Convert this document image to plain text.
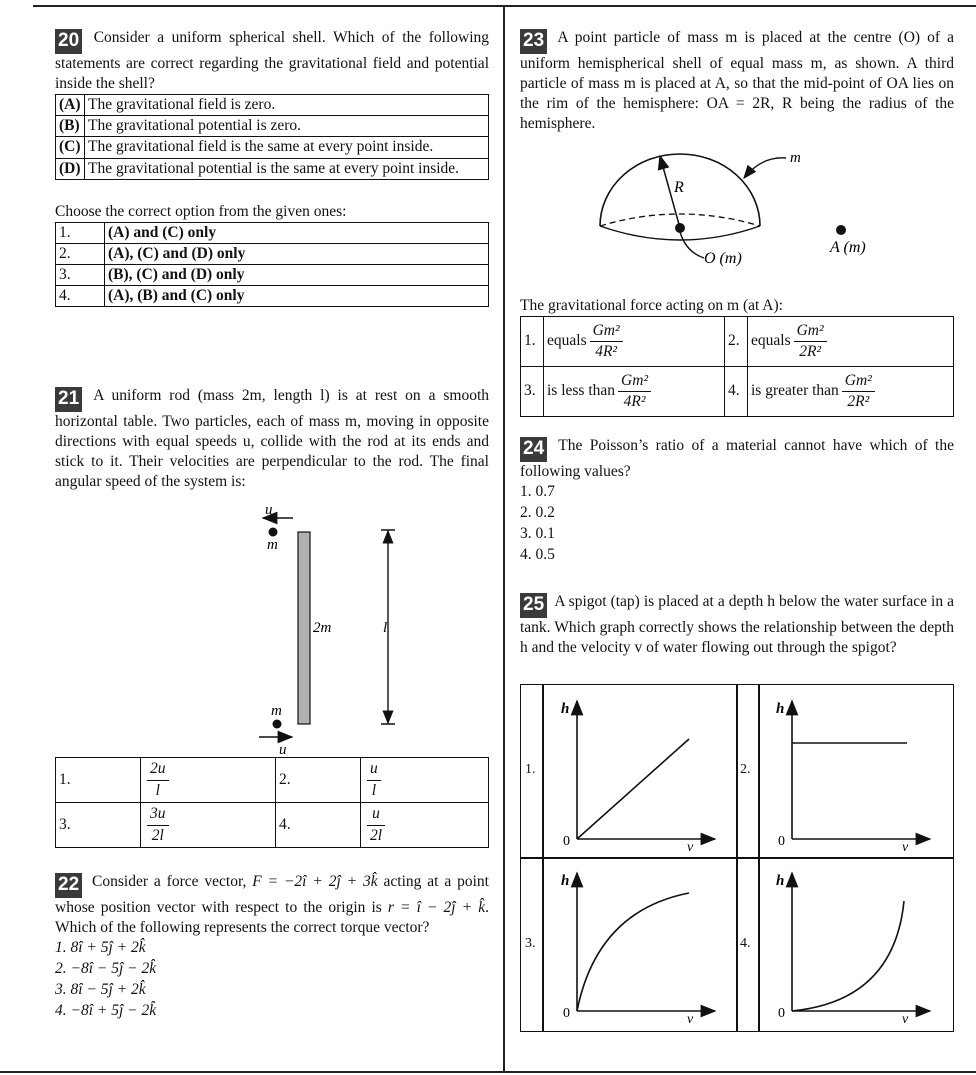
20 Consider a uniform spherical shell. Which of the following statements are correct regarding the gravitational field and potential inside the shell?
(A)	The gravitational field is zero.
(B)	The gravitational potential is zero.
(C)	The gravitational field is the same at every point inside.
(D)	The gravitational potential is the same at every point inside.
Choose the correct option from the given ones:
1.	(A) and (C) only
2.	(A), (C) and (D) only
3.	(B), (C) and (D) only
4.	(A), (B) and (C) only
21 A uniform rod (mass 2m, length l) is at rest on a smooth horizontal table. Two particles, each of mass m, moving in opposite directions with equal speeds u, collide with the rod at its ends and stick to it. Their velocities are perpendicular to the rod. The final angular speed of the system is:
u
m
2m	l
m
u
1.	$\frac{2u}{l}$	2.	$\frac{u}{l}$

3.	$\frac{3u}{2l}$	4.	$\frac{u}{2l}$
22 Consider a force vector, F = −2î + 2ĵ + 3k̂ acting at a point whose position vector with respect to the origin is r = î − 2ĵ + k̂. Which of the following represents the correct torque vector?
1. 8î + 5ĵ + 2k̂
2. −8î − 5ĵ − 2k̂
3. 8î − 5ĵ + 2k̂
4. −8î + 5ĵ − 2k̂
23 A point particle of mass m is placed at the centre (O) of a uniform hemispherical shell of equal mass m, as shown. A third particle of mass m is placed at A, so that the mid-point of OA lies on the rim of the hemisphere: OA = 2R, R being the radius of the hemisphere.
R
m
O (m)
A (m)
The gravitational force acting on m (at A):
1.	equals $\frac{\text{Gm²}}{\text{4R²}}$	2.	equals $\frac{\text{Gm²}}{\text{2R²}}$

3.	is less than $\frac{\text{Gm²}}{\text{4R²}}$	4.	is greater than $\frac{\text{Gm²}}{\text{2R²}}$
24 The Poisson’s ratio of a material cannot have which of the following values?
1. 0.7
2. 0.2
3. 0.1
4. 0.5
25 A spigot (tap) is placed at a depth h below the water surface in a tank. Which graph correctly shows the relationship between the depth h and the velocity v of water flowing out through the spigot?
1.	2.
3.	4.
h
0	v
h
0	v
h
0	v
h
0	v
